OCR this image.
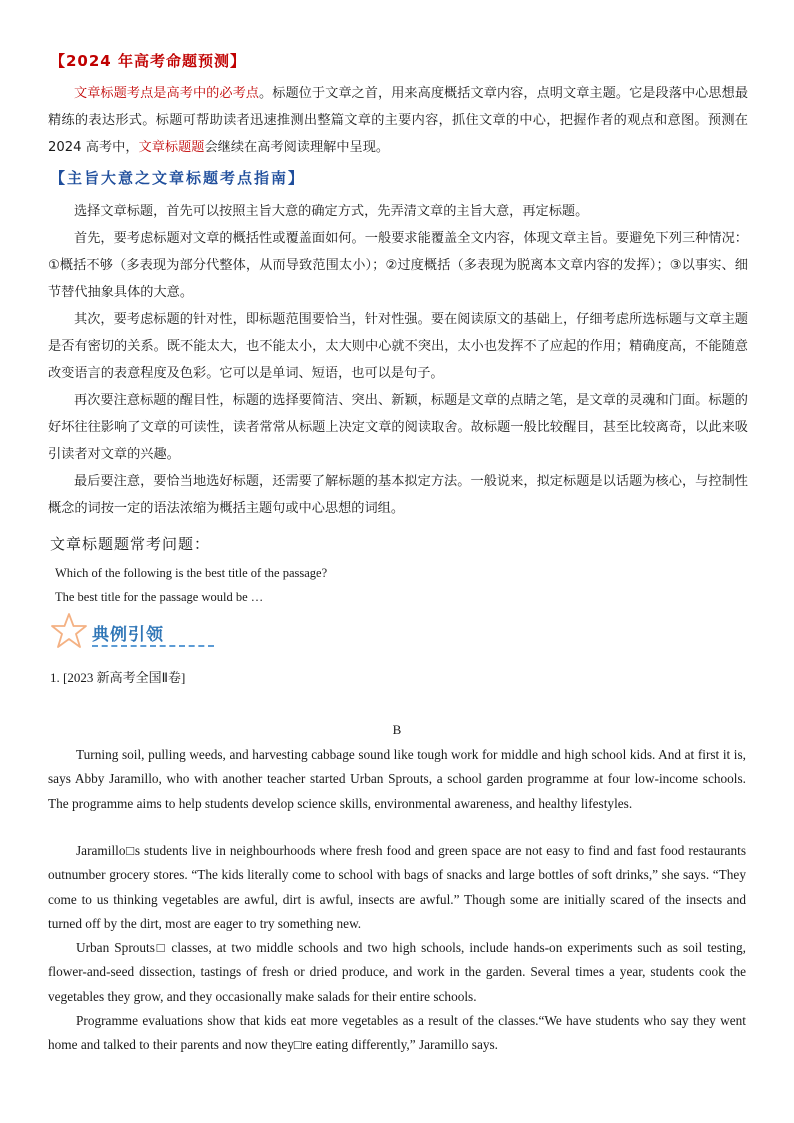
【2024 年高考命题预测】
文章标题考点是高考中的必考点。标题位于文章之首，用来高度概括文章内容，点明文章主题。它是段落中心思想最精练的表达形式。标题可帮助读者迅速推测出整篇文章的主要内容，抓住文章的中心，把握作者的观点和意图。预测在 2024 高考中，文章标题题会继续在高考阅读理解中呈现。
【主旨大意之文章标题考点指南】
选择文章标题，首先可以按照主旨大意的确定方式，先弄清文章的主旨大意，再定标题。
首先，要考虑标题对文章的概括性或覆盖面如何。一般要求能覆盖全文内容，体现文章主旨。要避免下列三种情况：①概括不够（多表现为部分代整体，从而导致范围太小）；②过度概括（多表现为脱离本文章内容的发挥）；③以事实、细节替代抽象具体的大意。
其次，要考虑标题的针对性，即标题范围要恰当，针对性强。要在阅读原文的基础上，仔细考虑所选标题与文章主题是否有密切的关系。既不能太大，也不能太小，太大则中心就不突出，太小也发挥不了应起的作用；精确度高，不能随意改变语言的表意程度及色彩。它可以是单词、短语，也可以是句子。
再次要注意标题的醒目性，标题的选择要简洁、突出、新颖，标题是文章的点睛之笔，是文章的灵魂和门面。标题的好坏往往影响了文章的可读性，读者常常从标题上决定文章的阅读取舍。故标题一般比较醒目，甚至比较离奇，以此来吸引读者对文章的兴趣。
最后要注意，要恰当地选好标题，还需要了解标题的基本拟定方法。一般说来，拟定标题是以话题为核心，与控制性概念的词按一定的语法浓缩为概括主题句或中心思想的词组。
文章标题题常考问题：
Which of the following is the best title of the passage?
The best title for the passage would be …
典例引领
1. [2023 新高考全国Ⅱ卷]
B
Turning soil, pulling weeds, and harvesting cabbage sound like tough work for middle and high school kids. And at first it is, says Abby Jaramillo, who with another teacher started Urban Sprouts, a school garden programme at four low-income schools. The programme aims to help students develop science skills, environmental awareness, and healthy lifestyles.
Jaramillo□s students live in neighbourhoods where fresh food and green space are not easy to find and fast food restaurants outnumber grocery stores. “The kids literally come to school with bags of snacks and large bottles of soft drinks,” she says. “They come to us thinking vegetables are awful, dirt is awful, insects are awful.” Though some are initially scared of the insects and turned off by the dirt, most are eager to try something new.
Urban Sprouts□ classes, at two middle schools and two high schools, include hands-on experiments such as soil testing, flower-and-seed dissection, tastings of fresh or dried produce, and work in the garden. Several times a year, students cook the vegetables they grow, and they occasionally make salads for their entire schools.
Programme evaluations show that kids eat more vegetables as a result of the classes.“We have students who say they went home and talked to their parents and now they□re eating differently,” Jaramillo says.
